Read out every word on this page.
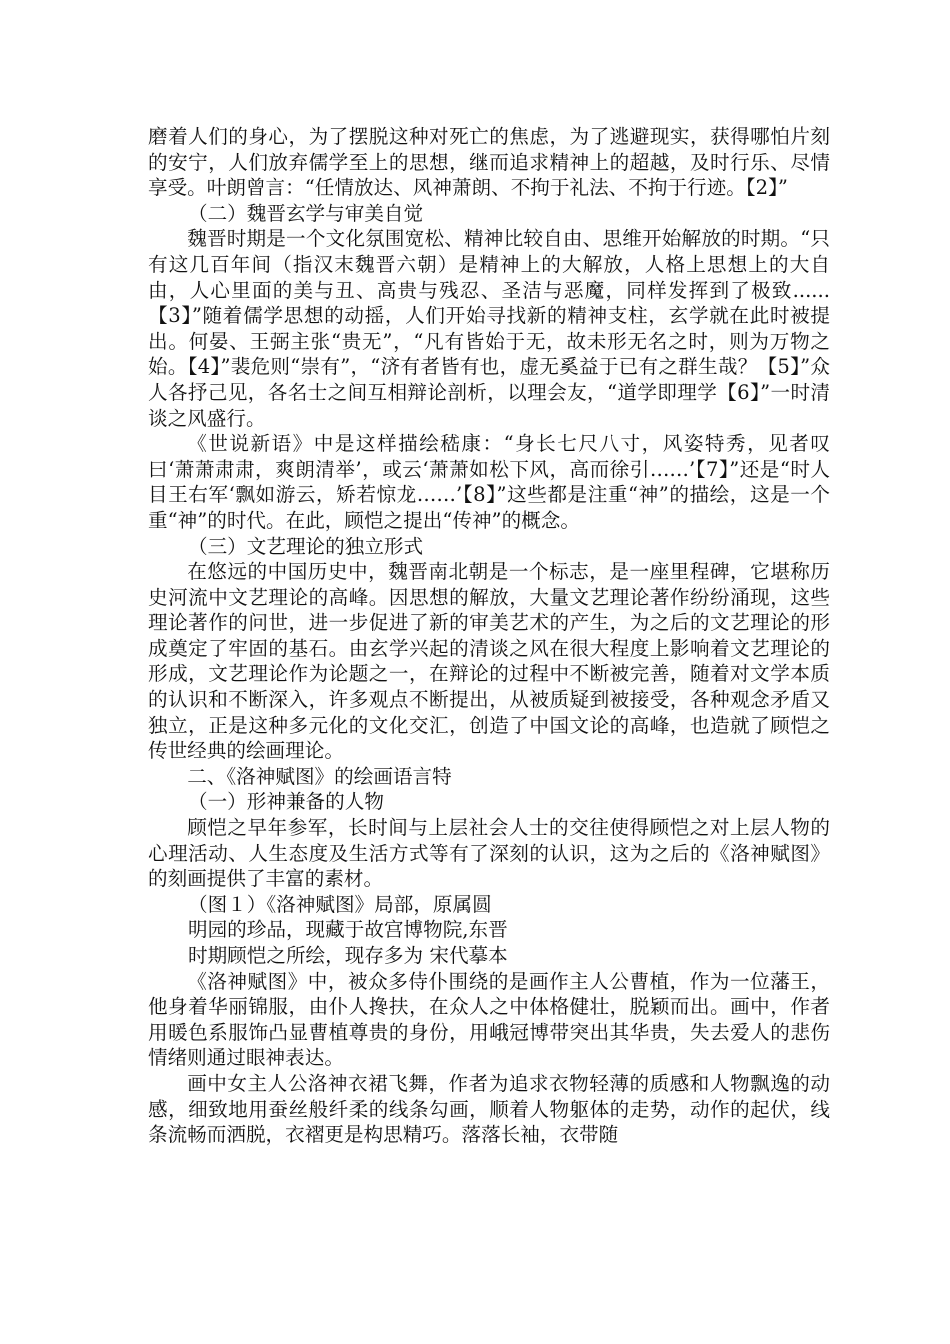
磨着人们的身心，为了摆脱这种对死亡的焦虑，为了逃避现实，获得哪怕片刻的安宁，人们放弃儒学至上的思想，继而追求精神上的超越，及时行乐、尽情享受。叶朗曾言：“任情放达、风神萧朗、不拘于礼法、不拘于行迹。【2】”

（二）魏晋玄学与审美自觉

魏晋时期是一个文化氛围宽松、精神比较自由、思维开始解放的时期。“只有这几百年间（指汉末魏晋六朝）是精神上的大解放，人格上思想上的大自由，人心里面的美与丑、高贵与残忍、圣洁与恶魔，同样发挥到了极致......【3】”随着儒学思想的动摇，人们开始寻找新的精神支柱，玄学就在此时被提出。何晏、王弼主张“贵无”，“凡有皆始于无，故未形无名之时，则为万物之始。【4】”裴危则“崇有”，“济有者皆有也，虚无奚益于已有之群生哉？【5】”众人各抒己见，各名士之间互相辩论剖析，以理会友，“道学即理学【6】”一时清谈之风盛行。

《世说新语》中是这样描绘嵇康：“身长七尺八寸，风姿特秀，见者叹曰‘萧萧肃肃，爽朗清举’，或云‘萧萧如松下风，高而徐引……’【7】”还是“时人目王右军‘飘如游云，矫若惊龙……’【8】”这些都是注重“神”的描绘，这是一个重“神”的时代。在此，顾恺之提出“传神”的概念。

（三）文艺理论的独立形式

在悠远的中国历史中，魏晋南北朝是一个标志，是一座里程碑，它堪称历史河流中文艺理论的高峰。因思想的解放，大量文艺理论著作纷纷涌现，这些理论著作的问世，进一步促进了新的审美艺术的产生，为之后的文艺理论的形成奠定了牢固的基石。由玄学兴起的清谈之风在很大程度上影响着文艺理论的形成，文艺理论作为论题之一，在辩论的过程中不断被完善，随着对文学本质的认识和不断深入，许多观点不断提出，从被质疑到被接受，各种观念矛盾又独立，正是这种多元化的文化交汇，创造了中国文论的高峰，也造就了顾恺之传世经典的绘画理论。

二、《洛神赋图》的绘画语言特

（一）形神兼备的人物

顾恺之早年参军，长时间与上层社会人士的交往使得顾恺之对上层人物的心理活动、人生态度及生活方式等有了深刻的认识，这为之后的《洛神赋图》的刻画提供了丰富的素材。

（图１）《洛神赋图》局部，原属圆

明园的珍品，现藏于故宫博物院,东晋

时期顾恺之所绘，现存多为 宋代摹本

《洛神赋图》中，被众多侍仆围绕的是画作主人公曹植，作为一位藩王，他身着华丽锦服，由仆人搀扶，在众人之中体格健壮，脱颖而出。画中，作者用暖色系服饰凸显曹植尊贵的身份，用峨冠博带突出其华贵，失去爱人的悲伤情绪则通过眼神表达。

画中女主人公洛神衣裙飞舞，作者为追求衣物轻薄的质感和人物飘逸的动感，细致地用蚕丝般纤柔的线条勾画，顺着人物躯体的走势，动作的起伏，线条流畅而洒脱，衣褶更是构思精巧。落落长袖，衣带随
